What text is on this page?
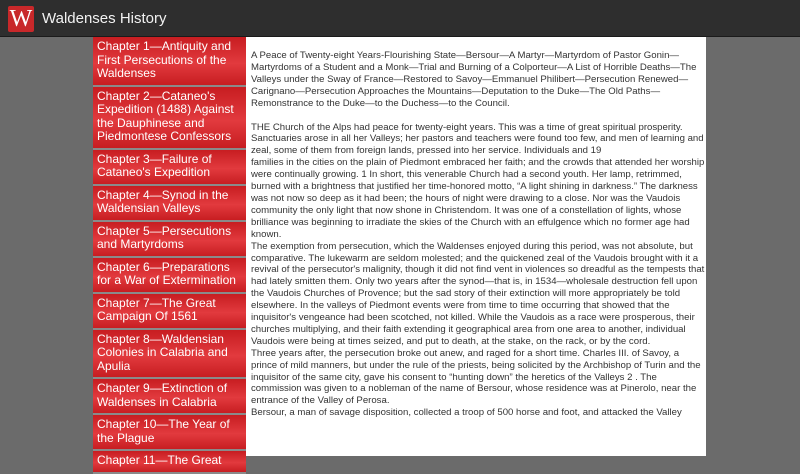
W Waldenses History
Chapter 1—Antiquity and First Persecutions of the Waldenses
Chapter 2—Cataneo's Expedition (1488) Against the Dauphinese and Piedmontese Confessors
Chapter 3—Failure of Cataneo's Expedition
Chapter 4—Synod in the Waldensian Valleys
Chapter 5—Persecutions and Martyrdoms
Chapter 6—Preparations for a War of Extermination
Chapter 7—The Great Campaign Of 1561
Chapter 8—Waldensian Colonies in Calabria and Apulia
Chapter 9—Extinction of Waldenses in Calabria
Chapter 10—The Year of the Plague
Chapter 11—The Great

A Peace of Twenty-eight Years-Flourishing State—Bersour—A Martyr—Martyrdom of Pastor Gonin—Martyrdoms of a Student and a Monk—Trial and Burning of a Colporteur—A List of Horrible Deaths—The Valleys under the Sway of France—Restored to Savoy—Emmanuel Philibert—Persecution Renewed—Carignano—Persecution Approaches the Mountains—Deputation to the Duke—The Old Paths—Remonstrance to the Duke—to the Duchess—to the Council.

THE Church of the Alps had peace for twenty-eight years. This was a time of great spiritual prosperity. Sanctuaries arose in all her Valleys; her pastors and teachers were found too few, and men of learning and zeal, some of them from foreign lands, pressed into her service. Individuals and 19

families in the cities on the plain of Piedmont embraced her faith; and the crowds that attended her worship were continually growing. 1 In short, this venerable Church had a second youth. Her lamp, retrimmed, burned with a brightness that justified her time-honored motto, “A light shining in darkness.” The darkness was not now so deep as it had been; the hours of night were drawing to a close. Nor was the Vaudois community the only light that now shone in Christendom. It was one of a constellation of lights, whose brilliance was beginning to irradiate the skies of the Church with an effulgence which no former age had known.

The exemption from persecution, which the Waldenses enjoyed during this period, was not absolute, but comparative. The lukewarm are seldom molested; and the quickened zeal of the Vaudois brought with it a revival of the persecutor's malignity, though it did not find vent in violences so dreadful as the tempests that had lately smitten them. Only two years after the synod—that is, in 1534—wholesale destruction fell upon the Vaudois Churches of Provence; but the sad story of their extinction will more appropriately be told elsewhere. In the valleys of Piedmont events were from time to time occurring that showed that the inquisitor's vengeance had been scotched, not killed. While the Vaudois as a race were prosperous, their churches multiplying, and their faith extending it geographical area from one area to another, individual Vaudois were being at times seized, and put to death, at the stake, on the rack, or by the cord.

Three years after, the persecution broke out anew, and raged for a short time. Charles III. of Savoy, a prince of mild manners, but under the rule of the priests, being solicited by the Archbishop of Turin and the inquisitor of the same city, gave his consent to “hunting down” the heretics of the Valleys 2 . The commission was given to a nobleman of the name of Bersour, whose residence was at Pinerolo, near the entrance of the Valley of Perosa.

Bersour, a man of savage disposition, collected a troop of 500 horse and foot, and attacked the Valley
